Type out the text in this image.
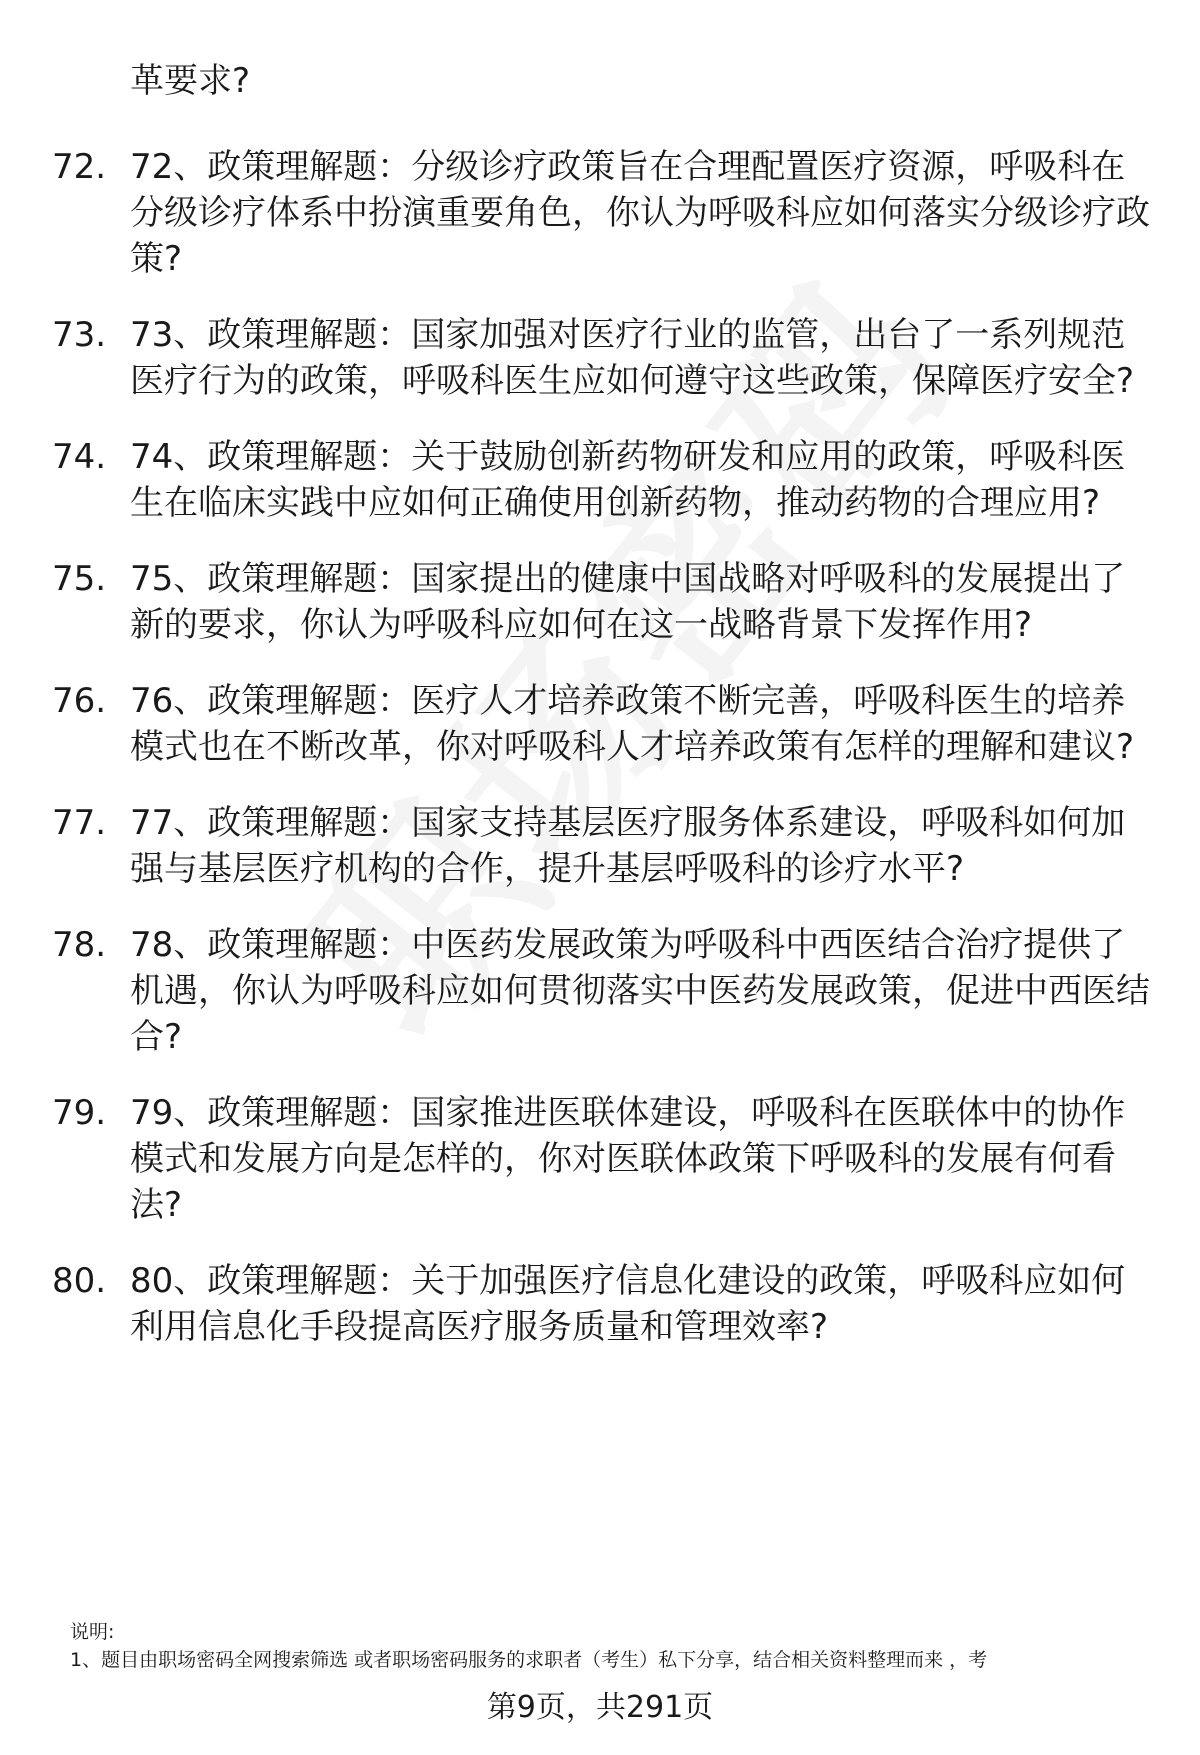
革要求?
72. 72、政策理解题：分级诊疗政策旨在合理配置医疗资源，呼吸科在分级诊疗体系中扮演重要角色，你认为呼吸科应如何落实分级诊疗政策?
73. 73、政策理解题：国家加强对医疗行业的监管，出台了一系列规范医疗行为的政策，呼吸科医生应如何遵守这些政策，保障医疗安全?
74. 74、政策理解题：关于鼓励创新药物研发和应用的政策，呼吸科医生在临床实践中应如何正确使用创新药物，推动药物的合理应用?
75. 75、政策理解题：国家提出的健康中国战略对呼吸科的发展提出了新的要求，你认为呼吸科应如何在这一战略背景下发挥作用?
76. 76、政策理解题：医疗人才培养政策不断完善，呼吸科医生的培养模式也在不断改革，你对呼吸科人才培养政策有怎样的理解和建议?
77. 77、政策理解题：国家支持基层医疗服务体系建设，呼吸科如何加强与基层医疗机构的合作，提升基层呼吸科的诊疗水平?
78. 78、政策理解题：中医药发展政策为呼吸科中西医结合治疗提供了机遇，你认为呼吸科应如何贯彻落实中医药发展政策，促进中西医结合?
79. 79、政策理解题：国家推进医联体建设，呼吸科在医联体中的协作模式和发展方向是怎样的，你对医联体政策下呼吸科的发展有何看法?
80. 80、政策理解题：关于加强医疗信息化建设的政策，呼吸科应如何利用信息化手段提高医疗服务质量和管理效率?
说明:
1、题目由职场密码全网搜索筛选 或者职场密码服务的求职者（考生）私下分享，结合相关资料整理而来 ，考
第9页，共291页
